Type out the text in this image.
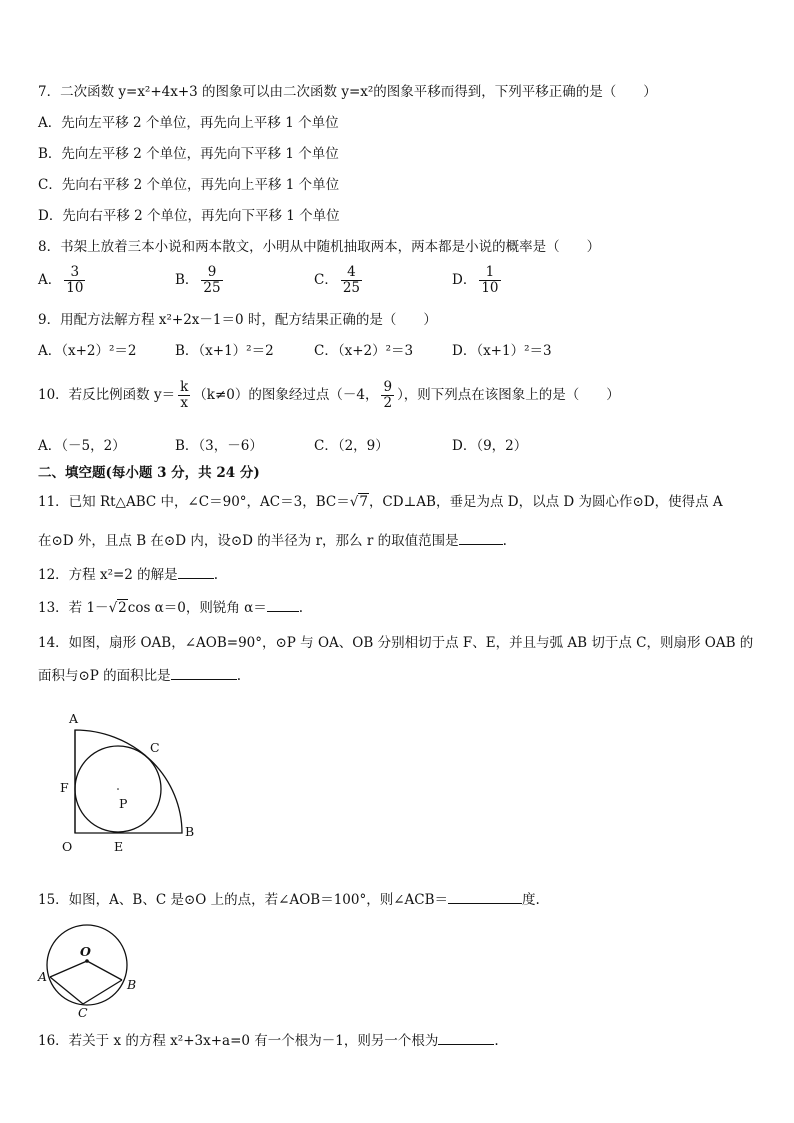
7．二次函数 y=x²+4x+3 的图象可以由二次函数 y=x²的图象平移而得到，下列平移正确的是（　　）
A．先向左平移 2 个单位，再先向上平移 1 个单位
B．先向左平移 2 个单位，再先向下平移 1 个单位
C．先向右平移 2 个单位，再先向上平移 1 个单位
D．先向右平移 2 个单位，再先向下平移 1 个单位
8．书架上放着三本小说和两本散文，小明从中随机抽取两本，两本都是小说的概率是（　　）
A． $\frac{3}{10}$	B． $\frac{9}{25}$	C． $\frac{4}{25}$	D． $\frac{1}{10}$
9．用配方法解方程 x²+2x－1＝0 时，配方结果正确的是（　　）
A．（x+2）²＝2	B．（x+1）²＝2	C．（x+2）²＝3	D．（x+1）²＝3
10．若反比例函数 $y= \frac{k}{x} (k\ne 0)$的图象经过点（－4， $\frac{9}{2}$ ），则下列点在该图象上的是（　　）
A．（－5，2）	B．（3，－6）	C．（2，9）	D．（9，2）
二、填空题(每小题 3 分，共 24 分)
11．已知 Rt△ABC 中，∠C＝90°，AC＝3，BC＝√7，CD⊥AB，垂足为点 D，以点 D 为圆心作⊙D，使得点 A
在⊙D 外，且点 B 在⊙D 内，设⊙D 的半径为 r，那么 r 的取值范围是	.
12．方程 x²=2 的解是	.
13．若 1－√2cos α＝0，则锐角 α＝ .
14．如图，扇形 OAB，∠AOB=90°，⊙P 与 OA、OB 分别相切于点 F、E，并且与弧 AB 切于点 C，则扇形 OAB 的
面积与⊙P 的面积比是	.
A
C
F
P
B
O	E
15．如图，A、B、C 是⊙O 上的点，若∠AOB＝100°，则∠ACB＝	度.
O
A
B
C
16．若关于 x 的方程 x²+3x+a=0 有一个根为－1，则另一个根为	.
